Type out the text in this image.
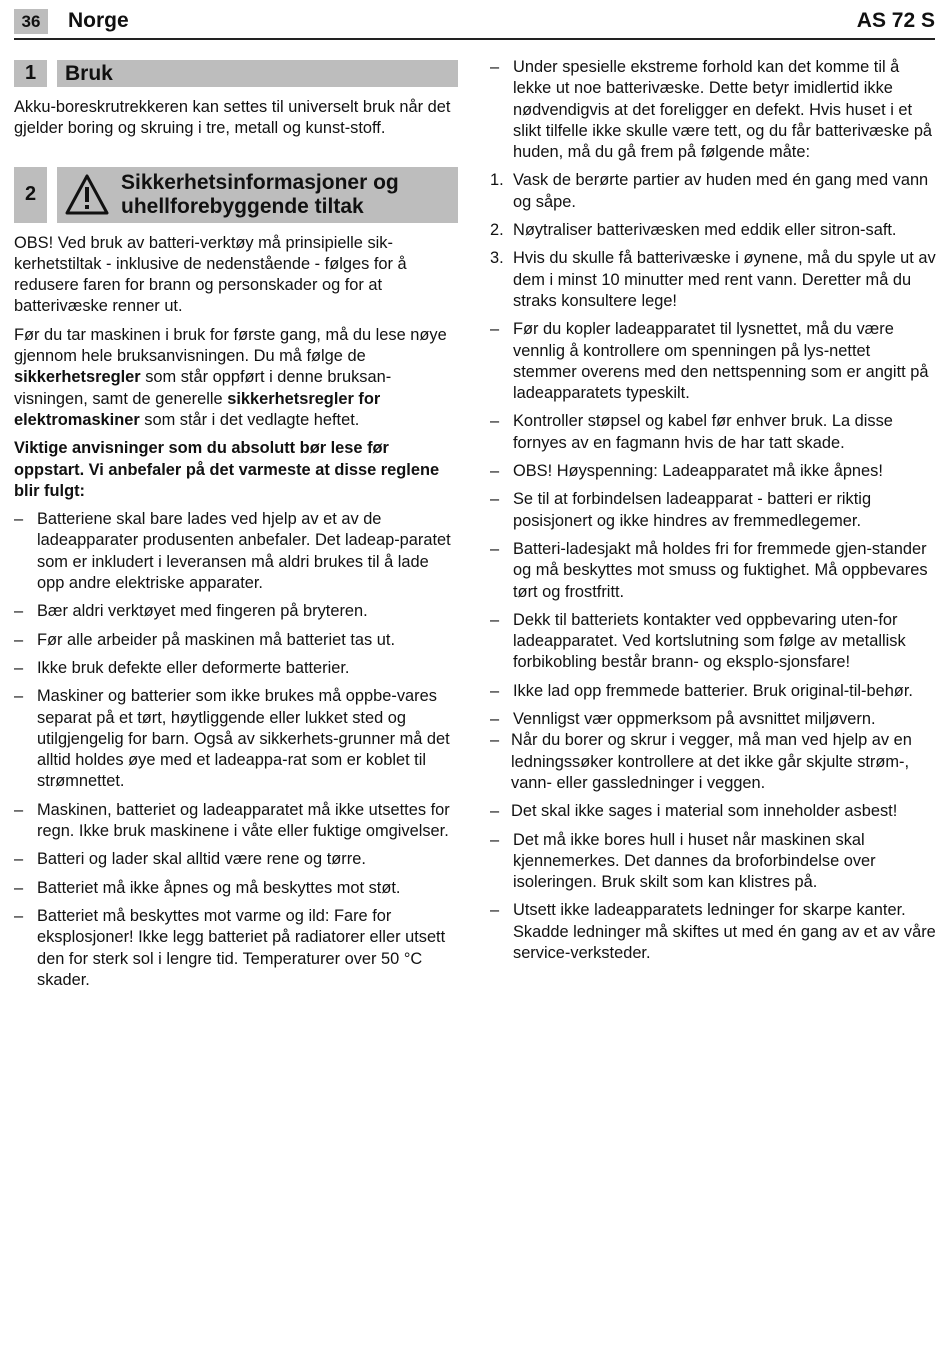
36	Norge	AS 72 S
1	Bruk

Akku-boreskrutrekkeren kan settes til universelt bruk når det gjelder boring og skruing i tre, metall og kunst-stoff.

2
Sikkerhetsinformasjoner og uhellforebyggende tiltak

OBS! Ved bruk av batteri-verktøy må prinsipielle sik-kerhetstiltak - inklusive de nedenstående - følges for å redusere faren for brann og personskader og for at batterivæske renner ut.

Før du tar maskinen i bruk for første gang, må du lese nøye gjennom hele bruksanvisningen. Du må følge de sikkerhetsregler som står oppført i denne bruksan-visningen, samt de generelle sikkerhetsregler for elektromaskiner som står i det vedlagte heftet.

Viktige anvisninger som du absolutt bør lese før oppstart. Vi anbefaler på det varmeste at disse reglene blir fulgt:

– Batteriene skal bare lades ved hjelp av et av de ladeapparater produsenten anbefaler. Det ladeap-paratet som er inkludert i leveransen må aldri brukes til å lade opp andre elektriske apparater.
– Bær aldri verktøyet med fingeren på bryteren.
– Før alle arbeider på maskinen må batteriet tas ut.
– Ikke bruk defekte eller deformerte batterier.
– Maskiner og batterier som ikke brukes må oppbe-vares separat på et tørt, høytliggende eller lukket sted og utilgjengelig for barn. Også av sikkerhets-grunner må det alltid holdes øye med et ladeappa-rat som er koblet til strømnettet.
– Maskinen, batteriet og ladeapparatet må ikke utsettes for regn. Ikke bruk maskinene i våte eller fuktige omgivelser.
– Batteri og lader skal alltid være rene og tørre.
– Batteriet må ikke åpnes og må beskyttes mot støt.
– Batteriet må beskyttes mot varme og ild: Fare for eksplosjoner! Ikke legg batteriet på radiatorer eller utsett den for sterk sol i lengre tid. Temperaturer over 50 °C skader.
– Under spesielle ekstreme forhold kan det komme til å lekke ut noe batterivæske. Dette betyr imidlertid ikke nødvendigvis at det foreligger en defekt. Hvis huset i et slikt tilfelle ikke skulle være tett, og du får batterivæske på huden, må du gå frem på følgende måte:
1. Vask de berørte partier av huden med én gang med vann og såpe.
2. Nøytraliser batterivæsken med eddik eller sitron-saft.
3. Hvis du skulle få batterivæske i øynene, må du spyle ut av dem i minst 10 minutter med rent vann. Deretter må du straks konsultere lege!
– Før du kopler ladeapparatet til lysnettet, må du være vennlig å kontrollere om spenningen på lys-nettet stemmer overens med den nettspenning som er angitt på ladeapparatets typeskilt.
– Kontroller støpsel og kabel før enhver bruk. La disse fornyes av en fagmann hvis de har tatt skade.
– OBS! Høyspenning: Ladeapparatet må ikke åpnes!
– Se til at forbindelsen ladeapparat - batteri er riktig posisjonert og ikke hindres av fremmedlegemer.
– Batteri-ladesjakt må holdes fri for fremmede gjen-stander og må beskyttes mot smuss og fuktighet. Må oppbevares tørt og frostfritt.
– Dekk til batteriets kontakter ved oppbevaring uten-for ladeapparatet. Ved kortslutning som følge av metallisk forbikobling består brann- og eksplo-sjonsfare!
– Ikke lad opp fremmede batterier. Bruk original-til-behør.
– Vennligst vær oppmerksom på avsnittet miljøvern.
– Når du borer og skrur i vegger, må man ved hjelp av en ledningssøker kontrollere at det ikke går skjulte strøm-, vann- eller gassledninger i veggen.
– Det skal ikke sages i material som inneholder asbest!
– Det må ikke bores hull i huset når maskinen skal kjennemerkes. Det dannes da broforbindelse over isoleringen. Bruk skilt som kan klistres på.
– Utsett ikke ladeapparatets ledninger for skarpe kanter. Skadde ledninger må skiftes ut med én gang av et av våre service-verksteder.
